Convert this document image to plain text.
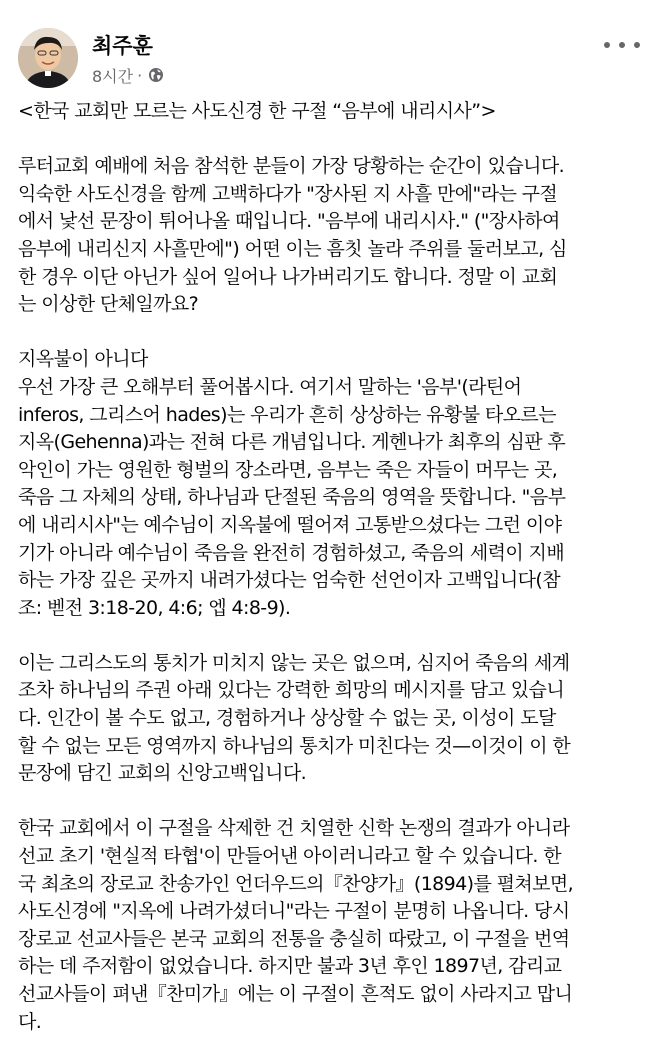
최주훈
8시간 ·
<한국 교회만 모르는 사도신경 한 구절 “음부에 내리시사”>
루터교회 예배에 처음 참석한 분들이 가장 당황하는 순간이 있습니다.
익숙한 사도신경을 함께 고백하다가 "장사된 지 사흘 만에"라는 구절
에서 낯선 문장이 튀어나올 때입니다. "음부에 내리시사." ("장사하여
음부에 내리신지 사흘만에") 어떤 이는 흠칫 놀라 주위를 둘러보고, 심
한 경우 이단 아닌가 싶어 일어나 나가버리기도 합니다. 정말 이 교회
는 이상한 단체일까요?
지옥불이 아니다
우선 가장 큰 오해부터 풀어봅시다. 여기서 말하는 '음부'(라틴어
inferos, 그리스어 hades)는 우리가 흔히 상상하는 유황불 타오르는
지옥(Gehenna)과는 전혀 다른 개념입니다. 게헨나가 최후의 심판 후
악인이 가는 영원한 형벌의 장소라면, 음부는 죽은 자들이 머무는 곳,
죽음 그 자체의 상태, 하나님과 단절된 죽음의 영역을 뜻합니다. "음부
에 내리시사"는 예수님이 지옥불에 떨어져 고통받으셨다는 그런 이야
기가 아니라 예수님이 죽음을 완전히 경험하셨고, 죽음의 세력이 지배
하는 가장 깊은 곳까지 내려가셨다는 엄숙한 선언이자 고백입니다(참
조: 벧전 3:18-20, 4:6; 엡 4:8-9).
이는 그리스도의 통치가 미치지 않는 곳은 없으며, 심지어 죽음의 세계
조차 하나님의 주권 아래 있다는 강력한 희망의 메시지를 담고 있습니
다. 인간이 볼 수도 없고, 경험하거나 상상할 수 없는 곳, 이성이 도달
할 수 없는 모든 영역까지 하나님의 통치가 미친다는 것—이것이 이 한
문장에 담긴 교회의 신앙고백입니다.
한국 교회에서 이 구절을 삭제한 건 치열한 신학 논쟁의 결과가 아니라
선교 초기 '현실적 타협'이 만들어낸 아이러니라고 할 수 있습니다. 한
국 최초의 장로교 찬송가인 언더우드의『찬양가』(1894)를 펼쳐보면,
사도신경에 "지옥에 나려가셨더니"라는 구절이 분명히 나옵니다. 당시
장로교 선교사들은 본국 교회의 전통을 충실히 따랐고, 이 구절을 번역
하는 데 주저함이 없었습니다. 하지만 불과 3년 후인 1897년, 감리교
선교사들이 펴낸『찬미가』에는 이 구절이 흔적도 없이 사라지고 맙니
다.
